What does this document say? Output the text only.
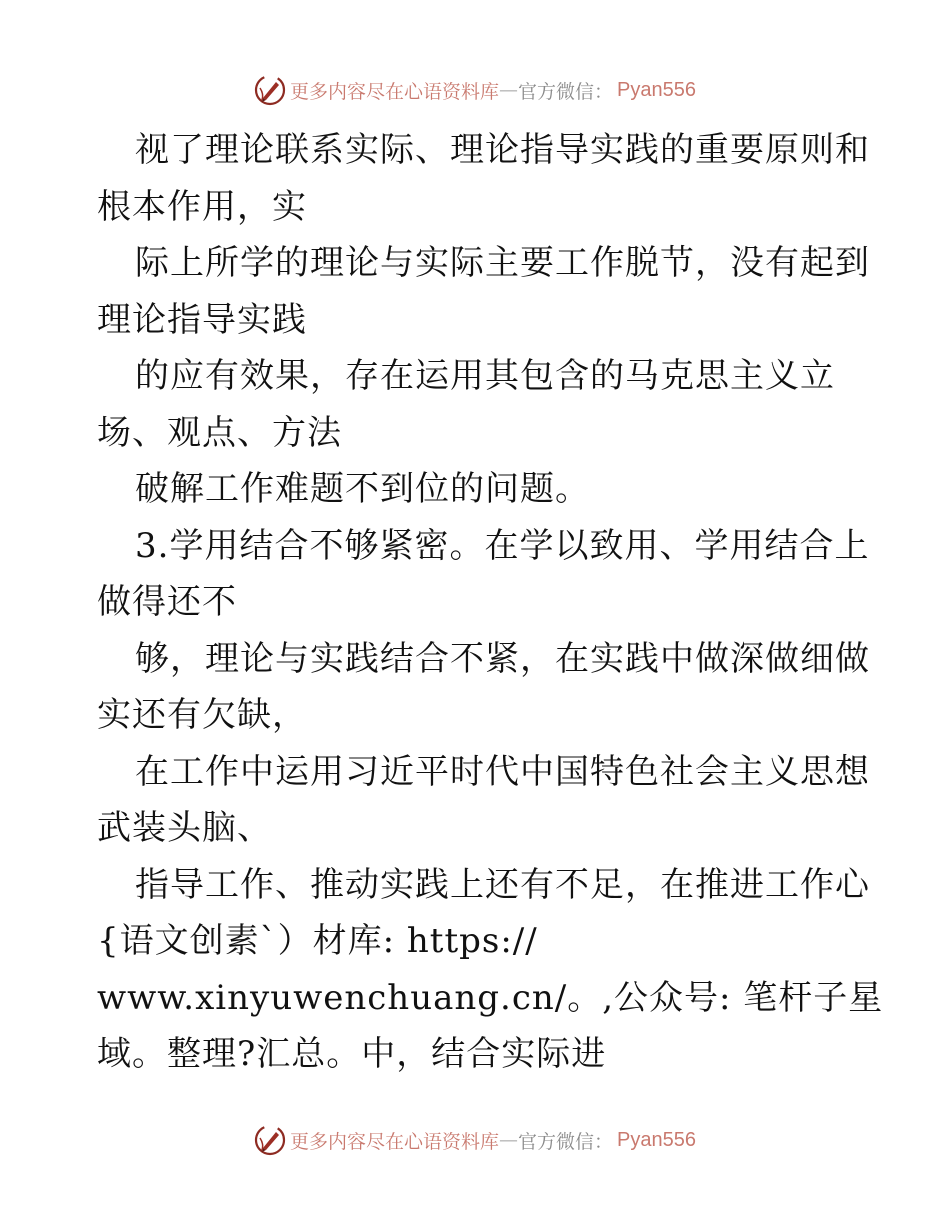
更多内容尽在心语资料库 — 官方微信： Pyan556
视了理论联系实际、理论指导实践的重要原则和
根本作用，实
际上所学的理论与实际主要工作脱节，没有起到
理论指导实践
的应有效果，存在运用其包含的马克思主义立
场、观点、方法
破解工作难题不到位的问题。
3.学用结合不够紧密。在学以致用、学用结合上
做得还不
够，理论与实践结合不紧，在实践中做深做细做
实还有欠缺，
在工作中运用习近平时代中国特色社会主义思想
武装头脑、
指导工作、推动实践上还有不足，在推进工作心
{语文创素`）材库: https://
www.xinyuwenchuang.cn/。,公众号: 笔杆子星
域。整理?汇总。中，结合实际进
更多内容尽在心语资料库 — 官方微信： Pyan556
